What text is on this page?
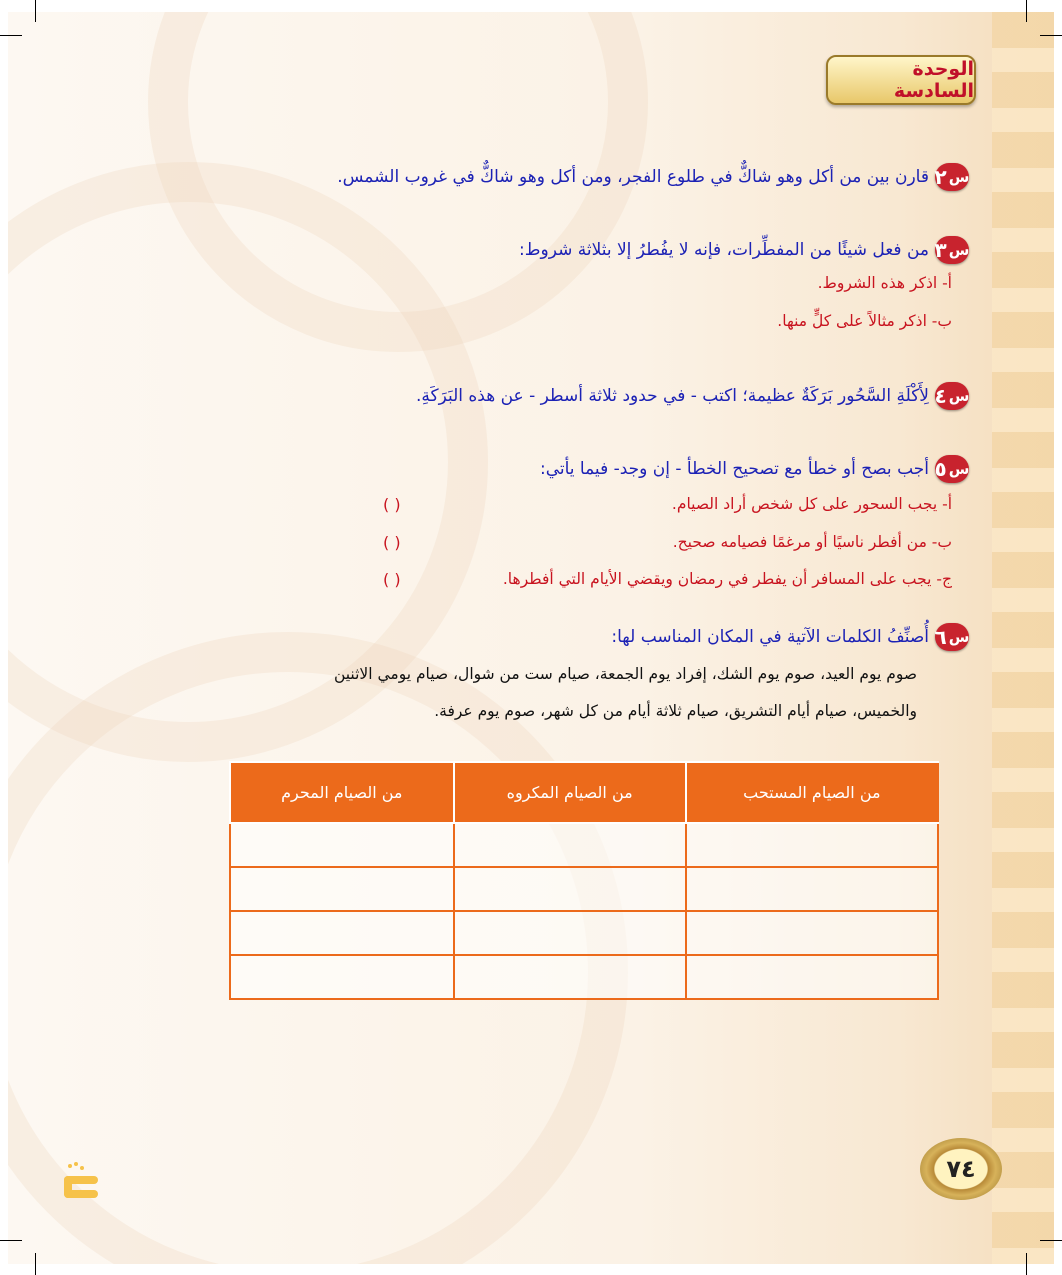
الوحدة السادسة
س
٢
قارن بين من أكل وهو شاكٌّ في طلوع الفجر، ومن أكل وهو شاكٌّ في غروب الشمس.
س
٣
من فعل شيئًا من المفطِّرات، فإنه لا يفُطرُ إلا بثلاثة شروط:
أ- اذكر هذه الشروط.
ب- اذكر مثالاً على كلٍّ منها.
س
٤
لِأَكْلَةِ السَّحُور بَرَكَةٌ عظيمة؛ اكتب - في حدود ثلاثة أسطر - عن هذه البَرَكَةِ.
س
٥
أجب بصح أو خطأ مع تصحيح الخطأ - إن وجد- فيما يأتي:
أ- يجب السحور على كل شخص أراد الصيام.
( )
ب- من أفطر ناسيًا أو مرغمًا فصيامه صحيح.
( )
ج- يجب على المسافر أن يفطر في رمضان ويقضي الأيام التي أفطرها.
( )
س
٦
أُصنِّفُ الكلمات الآتية في المكان المناسب لها:
صوم يوم العيد، صوم يوم الشك، إفراد يوم الجمعة، صيام ست من شوال، صيام يومي الاثنين
والخميس، صيام أيام التشريق، صيام ثلاثة أيام من كل شهر، صوم يوم عرفة.
من الصيام المستحب	من الصيام المكروه	من الصيام المحرم

٧٤
